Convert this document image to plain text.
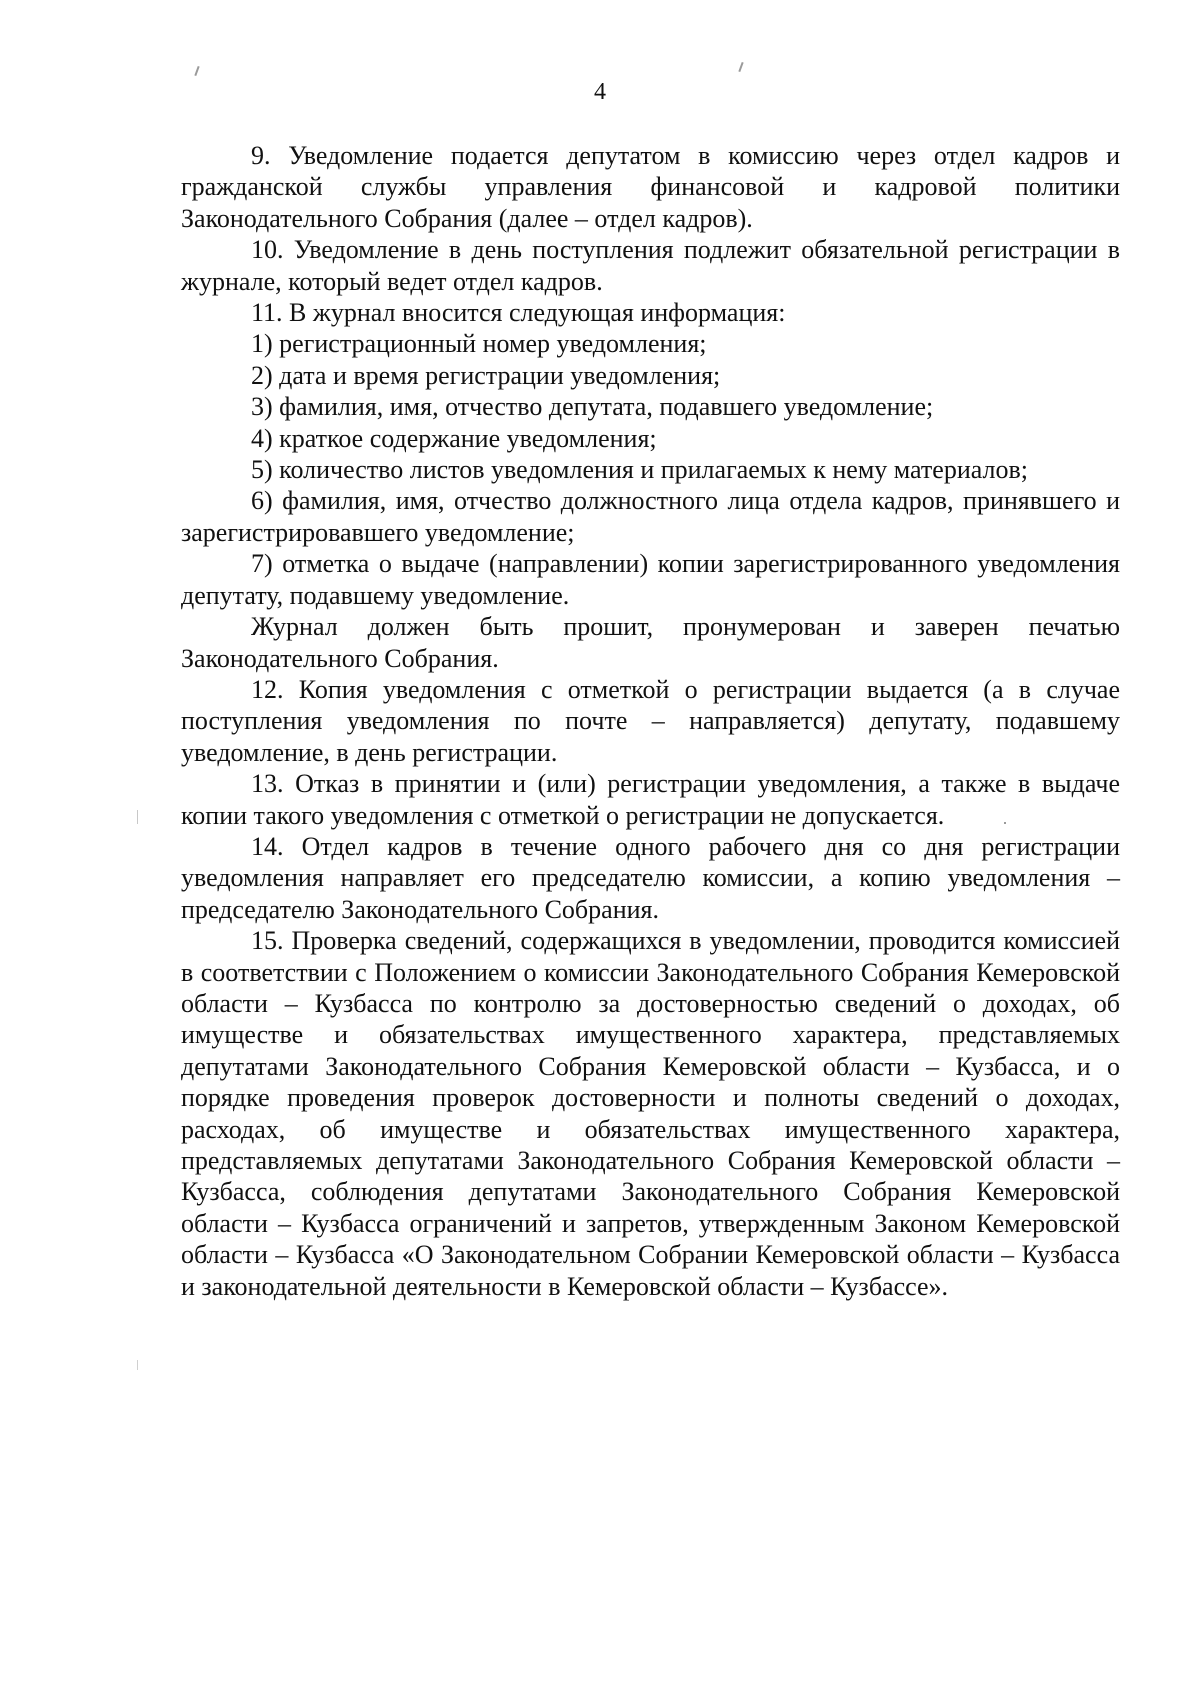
4

9. Уведомление подается депутатом в комиссию через отдел кадров и гражданской службы управления финансовой и кадровой политики Законодательного Собрания (далее – отдел кадров).

10. Уведомление в день поступления подлежит обязательной регистрации в журнале, который ведет отдел кадров.

11. В журнал вносится следующая информация:

1) регистрационный номер уведомления;

2) дата и время регистрации уведомления;

3) фамилия, имя, отчество депутата, подавшего уведомление;

4) краткое содержание уведомления;

5) количество листов уведомления и прилагаемых к нему материалов;

6) фамилия, имя, отчество должностного лица отдела кадров, принявшего и зарегистрировавшего уведомление;

7) отметка о выдаче (направлении) копии зарегистрированного уведомления депутату, подавшему уведомление.

Журнал должен быть прошит, пронумерован и заверен печатью Законодательного Собрания.

12. Копия уведомления с отметкой о регистрации выдается (а в случае поступления уведомления по почте – направляется) депутату, подавшему уведомление, в день регистрации.

13. Отказ в принятии и (или) регистрации уведомления, а также в выдаче копии такого уведомления с отметкой о регистрации не допускается.

14. Отдел кадров в течение одного рабочего дня со дня регистрации уведомления направляет его председателю комиссии, а копию уведомления – председателю Законодательного Собрания.

15. Проверка сведений, содержащихся в уведомлении, проводится комиссией в соответствии с Положением о комиссии Законодательного Собрания Кемеровской области – Кузбасса по контролю за достоверностью сведений о доходах, об имуществе и обязательствах имущественного характера, представляемых депутатами Законодательного Собрания Кемеровской области – Кузбасса, и о порядке проведения проверок достоверности и полноты сведений о доходах, расходах, об имуществе и обязательствах имущественного характера, представляемых депутатами Законодательного Собрания Кемеровской области – Кузбасса, соблюдения депутатами Законодательного Собрания Кемеровской области – Кузбасса ограничений и запретов, утвержденным Законом Кемеровской области – Кузбасса «О Законодательном Собрании Кемеровской области – Кузбасса и законодательной деятельности в Кемеровской области – Кузбассе».
